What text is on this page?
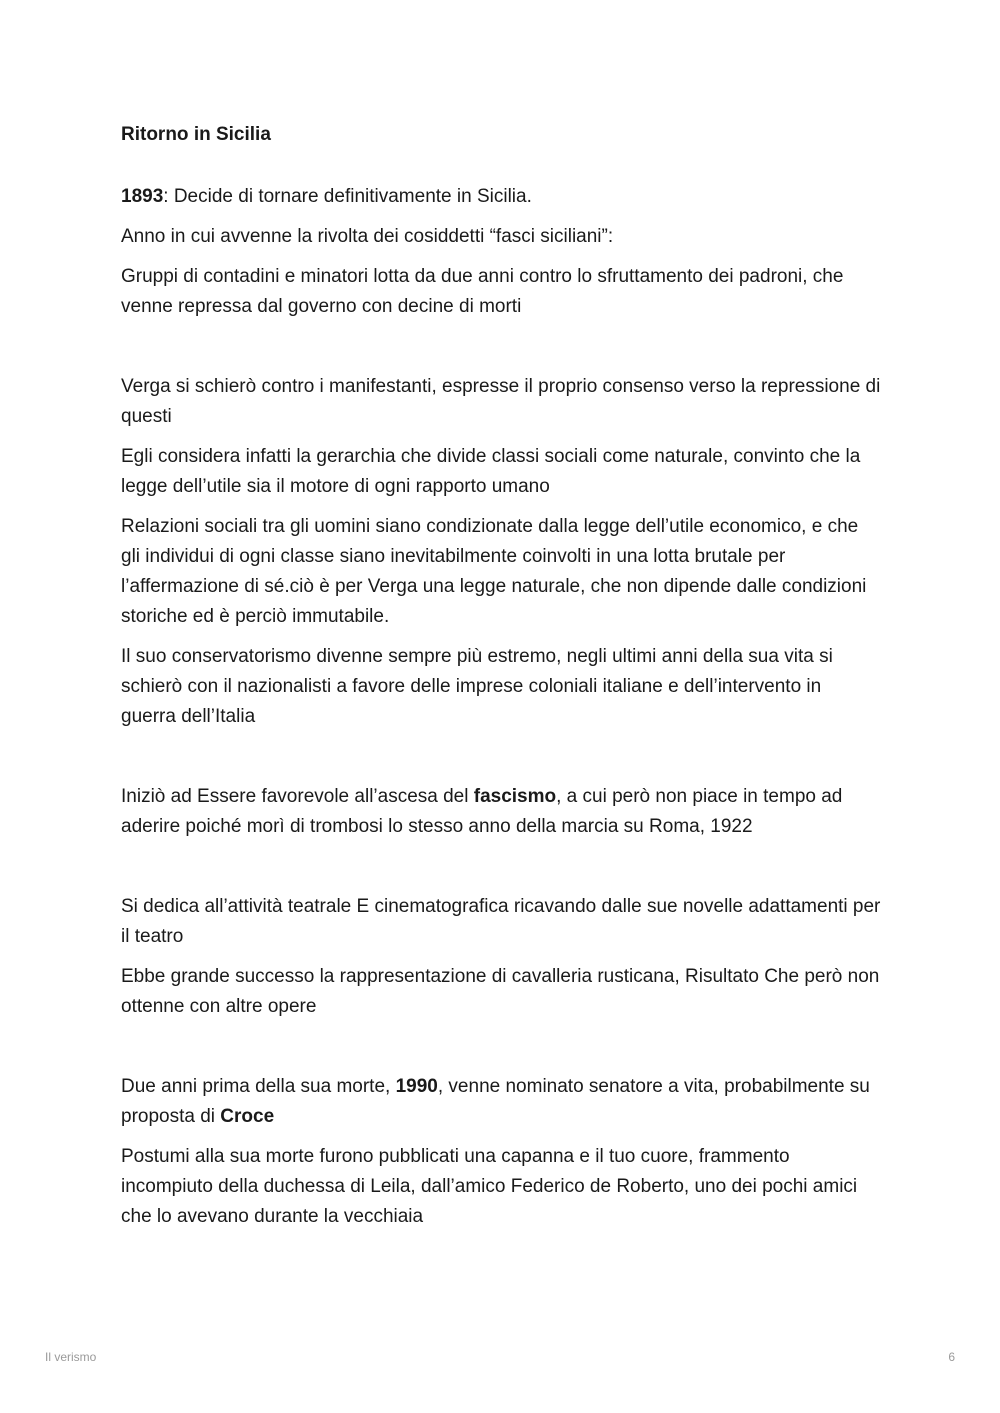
Ritorno in Sicilia

1893: Decide di tornare definitivamente in Sicilia.

Anno in cui avvenne la rivolta dei cosiddetti “fasci siciliani”:

Gruppi di contadini e minatori lotta da due anni contro lo sfruttamento dei padroni, che venne repressa dal governo con decine di morti

Verga si schierò contro i manifestanti, espresse il proprio consenso verso la repressione di questi

Egli considera infatti la gerarchia che divide classi sociali come naturale, convinto che la legge dell’utile sia il motore di ogni rapporto umano

Relazioni sociali tra gli uomini siano condizionate dalla legge dell’utile economico, e che gli individui di ogni classe siano inevitabilmente coinvolti in una lotta brutale per l’affermazione di sé.ciò è per Verga una legge naturale, che non dipende dalle condizioni storiche ed è perciò immutabile.

Il suo conservatorismo divenne sempre più estremo, negli ultimi anni della sua vita si schierò con il nazionalisti a favore delle imprese coloniali italiane e dell’intervento in guerra dell’Italia

Iniziò ad Essere favorevole all’ascesa del fascismo, a cui però non piace in tempo ad aderire poiché morì di trombosi lo stesso anno della marcia su Roma, 1922

Si dedica all’attività teatrale E cinematografica ricavando dalle sue novelle adattamenti per il teatro

Ebbe grande successo la rappresentazione di cavalleria rusticana, Risultato Che però non ottenne con altre opere

Due anni prima della sua morte, 1990, venne nominato senatore a vita, probabilmente su proposta di Croce

Postumi alla sua morte furono pubblicati una capanna e il tuo cuore, frammento incompiuto della duchessa di Leila, dall’amico Federico de Roberto, uno dei pochi amici che lo avevano durante la vecchiaia

Il verismo	6
